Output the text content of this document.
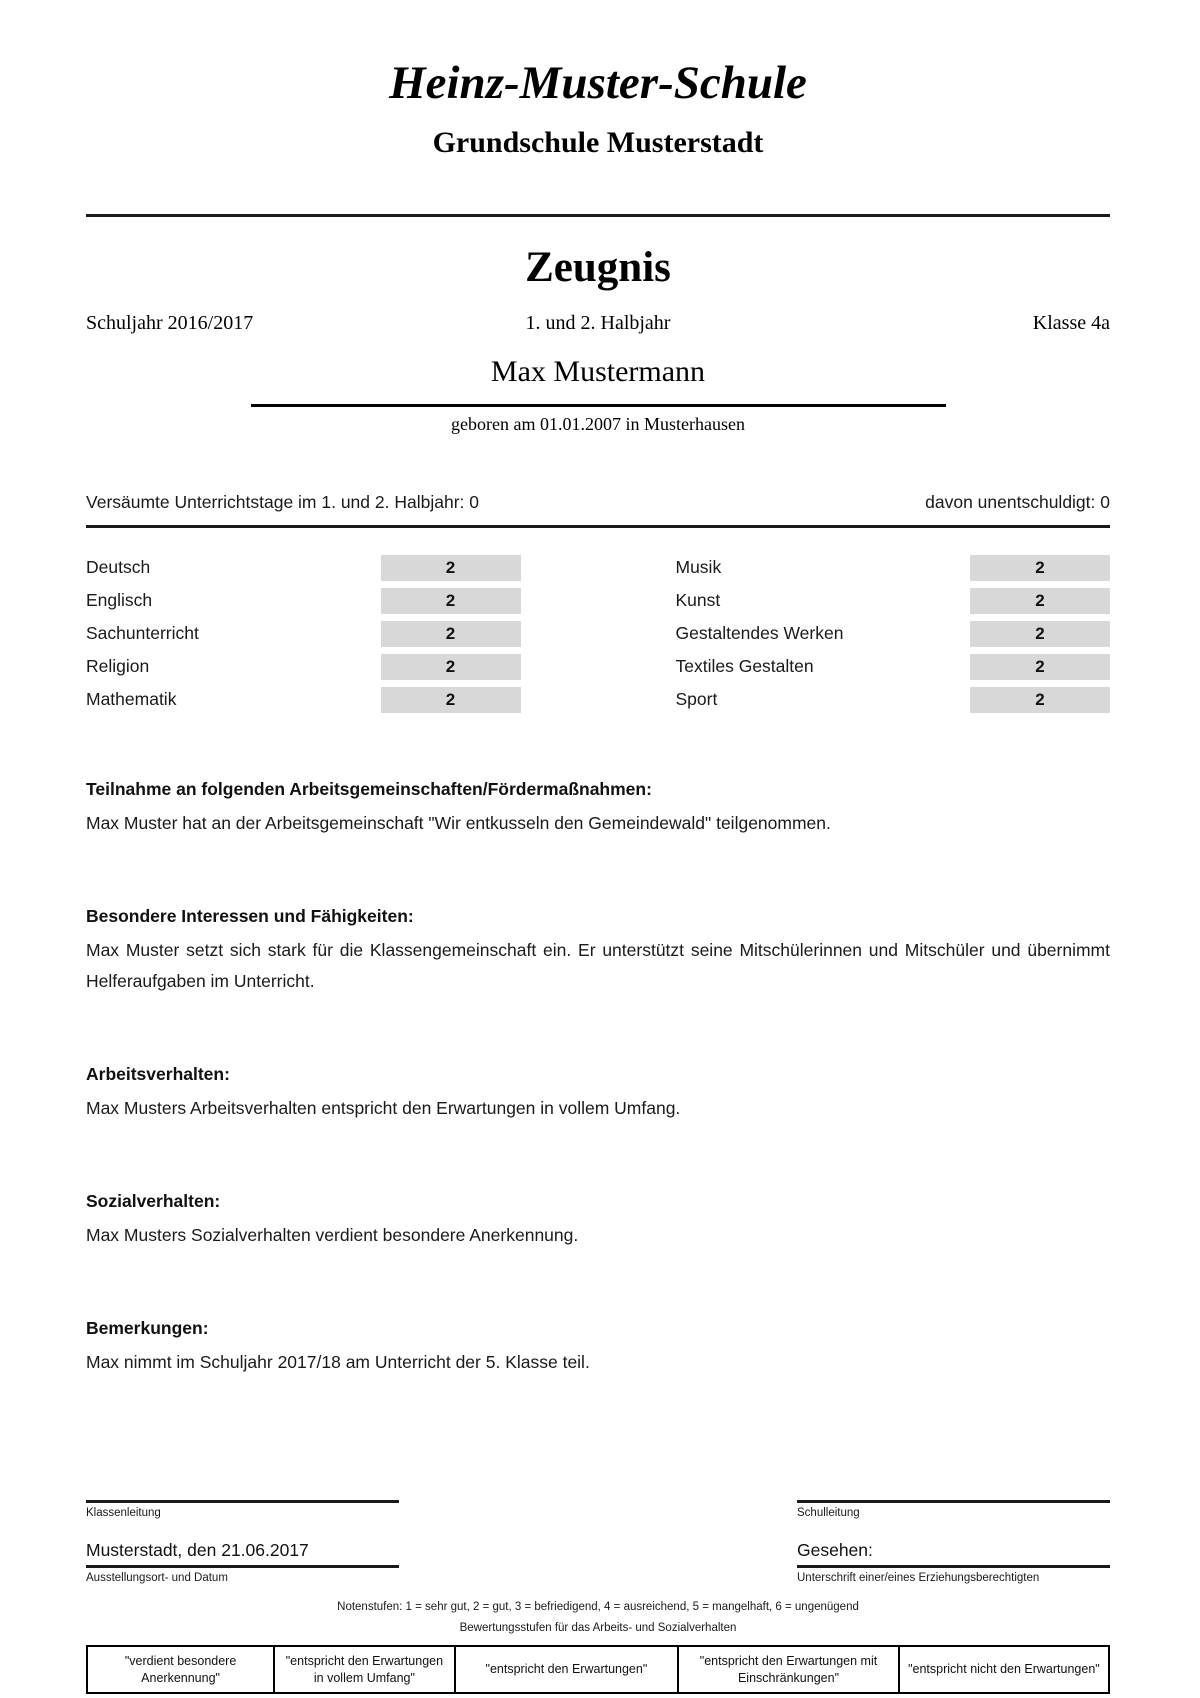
Heinz-Muster-Schule
Grundschule Musterstadt
Zeugnis
Schuljahr 2016/2017	1. und 2. Halbjahr	Klasse 4a
Max Mustermann
geboren am 01.01.2007 in Musterhausen
Versäumte Unterrichtstage im 1. und 2. Halbjahr: 0	davon unentschuldigt: 0
Deutsch	2
Englisch	2
Sachunterricht	2
Religion	2
Mathematik	2
Musik	2
Kunst	2
Gestaltendes Werken	2
Textiles Gestalten	2
Sport	2
Teilnahme an folgenden Arbeitsgemeinschaften/Fördermaßnahmen:

Max Muster hat an der Arbeitsgemeinschaft "Wir entkusseln den Gemeindewald" teilgenommen.

Besondere Interessen und Fähigkeiten:

Max Muster setzt sich stark für die Klassengemeinschaft ein. Er unterstützt seine Mitschülerinnen und Mitschüler und übernimmt Helferaufgaben im Unterricht.

Arbeitsverhalten:

Max Musters Arbeitsverhalten entspricht den Erwartungen in vollem Umfang.

Sozialverhalten:

Max Musters Sozialverhalten verdient besondere Anerkennung.

Bemerkungen:

Max nimmt im Schuljahr 2017/18 am Unterricht der 5. Klasse teil.

Klassenleitung
Musterstadt, den 21.06.2017
Ausstellungsort- und Datum
Schulleitung
Gesehen:
Unterschrift einer/eines Erziehungsberechtigten
Notenstufen: 1 = sehr gut, 2 = gut, 3 = befriedigend, 4 = ausreichend, 5 = mangelhaft, 6 = ungenügend
Bewertungsstufen für das Arbeits- und Sozialverhalten
"verdient besondere Anerkennung"	"entspricht den Erwartungen in vollem Umfang"	"entspricht den Erwartungen"	"entspricht den Erwartungen mit Einschränkungen"	"entspricht nicht den Erwartungen"
